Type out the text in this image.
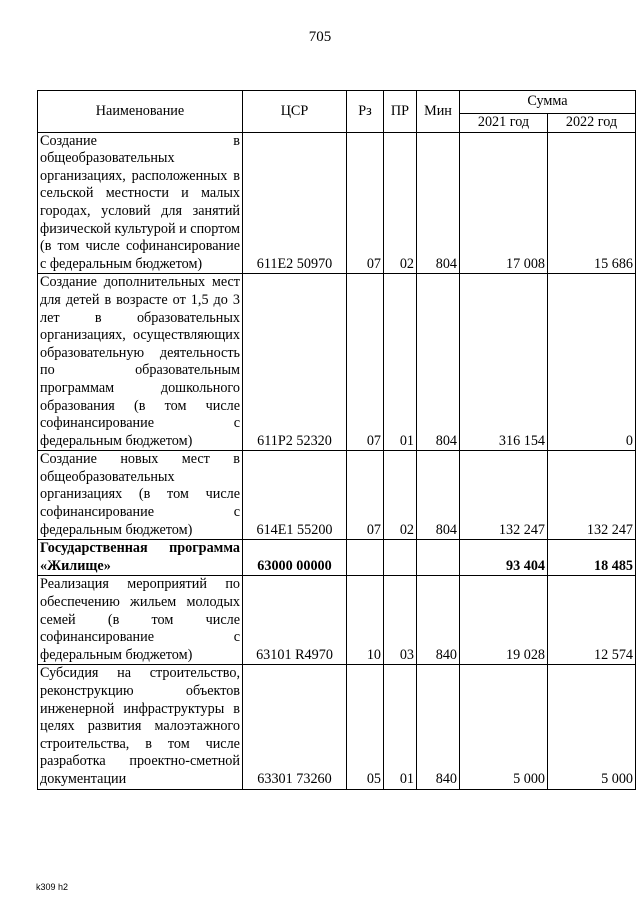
705
Наименование	ЦСР	Рз	ПР	Мин	Сумма	
					2021 год	2022 год
Создание в общеобразовательных организациях, расположенных в сельской местности и малых городах, условий для занятий физической культурой и спортом (в том числе софинансирование с федеральным бюджетом)	611Е2 50970	07	02	804	17 008	15 686
Создание дополнительных мест для детей в возрасте от 1,5 до 3 лет в образовательных организациях, осуществляющих образовательную деятельность по образовательным программам дошкольного образования (в том числе софинансирование с федеральным бюджетом)	611Р2 52320	07	01	804	316 154	0
Создание новых мест в общеобразовательных организациях (в том числе софинансирование с федеральным бюджетом)	614Е1 55200	07	02	804	132 247	132 247
Государственная программа «Жилище»	63000 00000				93 404	18 485
Реализация мероприятий по обеспечению жильем молодых семей (в том числе софинансирование с федеральным бюджетом)	63101 R4970	10	03	840	19 028	12 574
Субсидия на строительство, реконструкцию объектов инженерной инфраструктуры в целях развития малоэтажного строительства, в том числе разработка проектно-сметной документации	63301 73260	05	01	840	5 000	5 000
k309 h2
